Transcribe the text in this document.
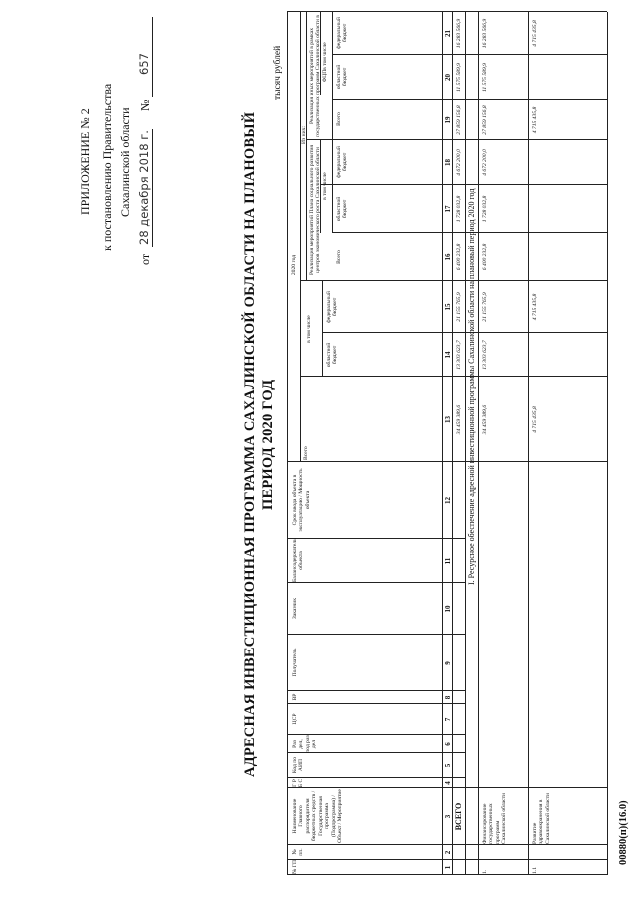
ПРИЛОЖЕНИЕ № 2 к постановлению Правительства Сахалинской области
от
28 декабря 2018 г.
№
657
АДРЕСНАЯ ИНВЕСТИЦИОННАЯ ПРОГРАММА САХАЛИНСКОЙ ОБЛАСТИ НА ПЛАНОВЫЙ ПЕРИОД 2020 ГОД
тысяч рублей
№ ГП
№ пп.
Наименование Главного распорядителя бюджетных средств / Государственная программа (Подпрограмма) / Объект / Мероприятие
Г Р Б С
Код по АИП
Раз дел, под раз дел
ЦСР
ВР
Получатель
Заказчик
Балансодержатель объекта
Срок ввода объекта в эксплуатацию / Мощность объекта
2020 год
Всего
в том числе
областной бюджет
федеральный бюджет
Из них:
Реализация мероприятий Плана социального развития центров экономического роста Сахалинской области
Реализация иных мероприятий в рамках государственных программ Сахалинской области в ФЦП
Всего
в том числе
областной бюджет
федеральный бюджет
Всего
в том числе
областной бюджет
федеральный бюджет
1
2
3
4
5
6
7
8
9
10
11
12
13
14
15
16
17
18
19
20
21
ВСЕГО
34 459 389,6
13 303 623,7
21 155 765,9
6 400 232,8
1 728 032,8
4 672 200,0
27 859 156,8
11 575 589,9
16 283 566,9
I. Ресурсное обеспечение адресной инвестиционной программы Сахалинской области на плановый период 2020 год
1.
Финансирование государственных программ Сахалинской области
34 459 389,6
13 303 623,7
21 155 765,9
6 400 232,8
1 728 032,8
4 672 200,0
27 859 156,8
11 575 589,9
16 283 566,9
1.1
Развитие здравоохранения в Сахалинской области
4 715 435,8
4 715 435,8
4 715 435,8
4 715 435,8
00880(п)(16.0)
